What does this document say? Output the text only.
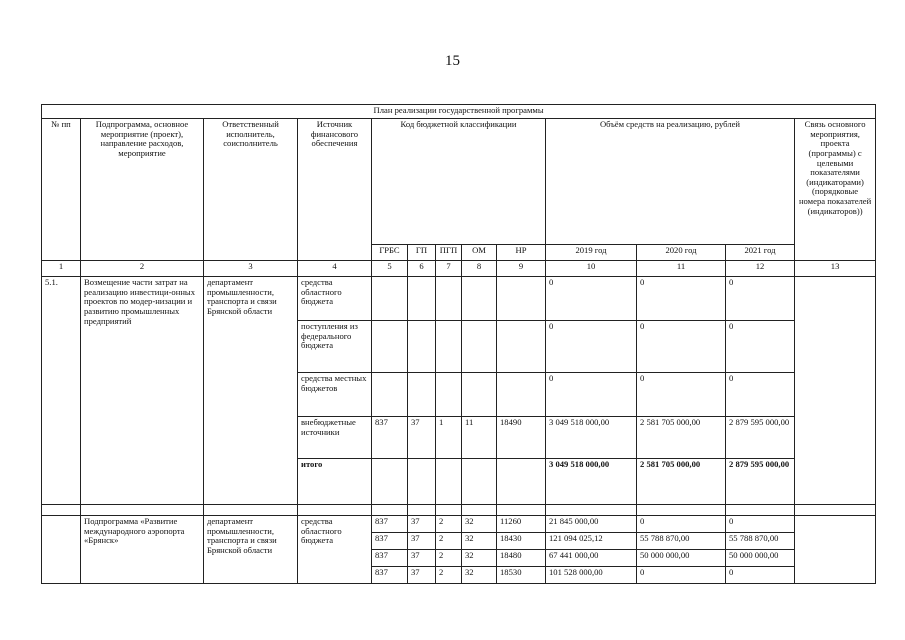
15
План реализации государственной программы												
№ пп	Подпрограмма, основное мероприятие (проект), направление расходов, мероприятие	Ответственный исполнитель, соисполнитель	Источник финансового обеспечения	Код бюджетной классификации					Объём средств на реализацию, рублей			Связь основного мероприятия, проекта (программы) с целевыми показателями (индикаторами) (порядковые номера показателей (индикаторов))
				ГРБС	ГП	ПГП	ОМ	НР	2019 год	2020 год	2021 год	
1	2	3	4	5	6	7	8	9	10	11	12	13
5.1.	Возмещение части затрат на реализацию инвестици-онных проектов по модер-низации и развитию промышленных предприятий	департамент промышленности, транспорта и связи Брянской области	средства областного бюджета						0	0	0	
			поступления из федерального бюджета						0	0	0	
			средства местных бюджетов						0	0	0	
			внебюджетные источники	837	37	1	11	18490	3 049 518 000,00	2 581 705 000,00	2 879 595 000,00	
			итого						3 049 518 000,00	2 581 705 000,00	2 879 595 000,00	

	Подпрограмма «Развитие международного аэропорта «Брянск»	департамент промышленности, транспорта и связи Брянской области	средства областного бюджета	837	37	2	32	11260	21 845 000,00	0	0	
				837	37	2	32	18430	121 094 025,12	55 788 870,00	55 788 870,00	
				837	37	2	32	18480	67 441 000,00	50 000 000,00	50 000 000,00	
				837	37	2	32	18530	101 528 000,00	0	0	
